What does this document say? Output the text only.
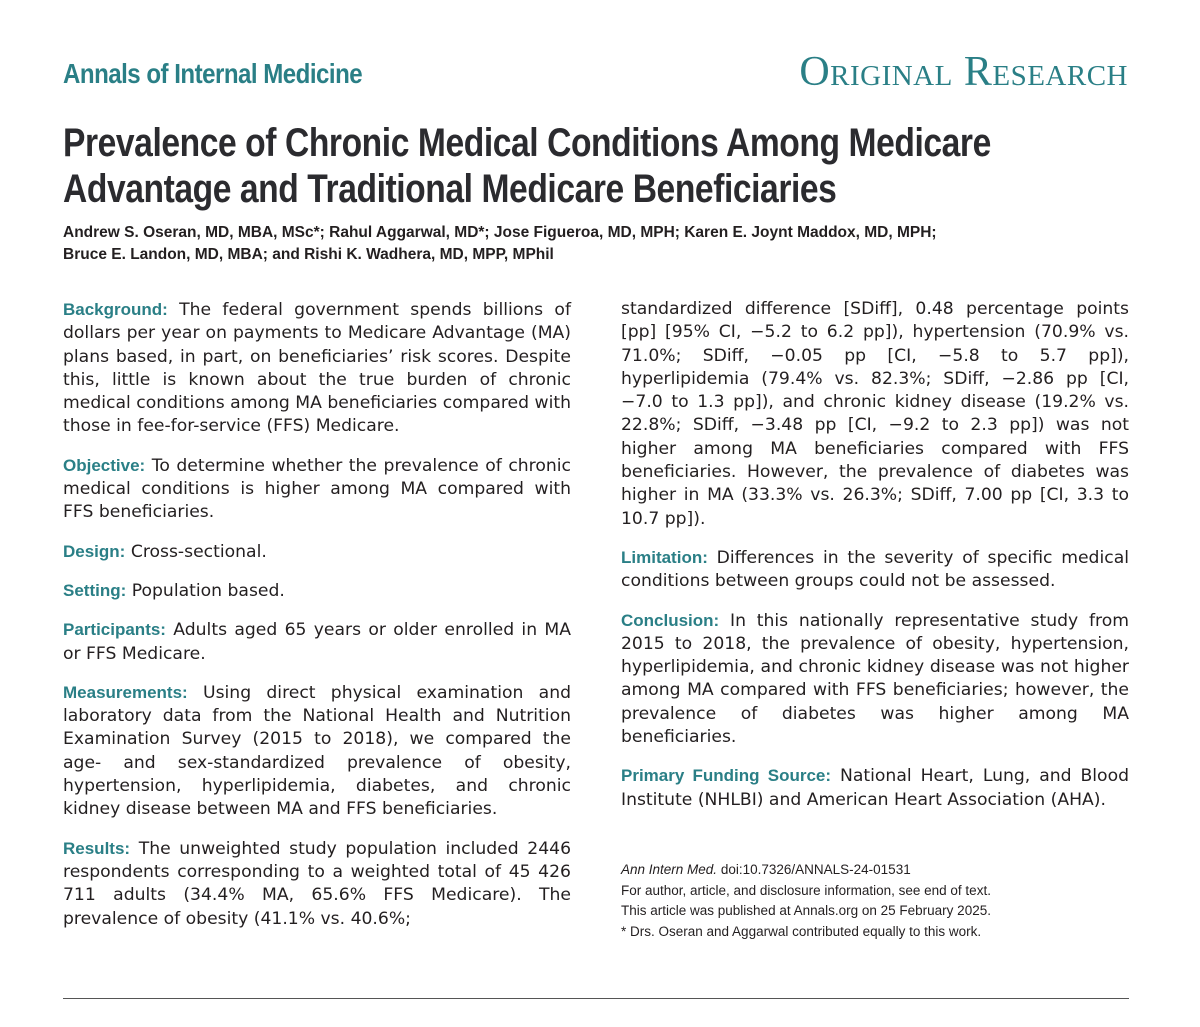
Annals of Internal Medicine	Original Research
Prevalence of Chronic Medical Conditions Among Medicare
Advantage and Traditional Medicare Beneficiaries
Andrew S. Oseran, MD, MBA, MSc*; Rahul Aggarwal, MD*; Jose Figueroa, MD, MPH; Karen E. Joynt Maddox, MD, MPH;
Bruce E. Landon, MD, MBA; and Rishi K. Wadhera, MD, MPP, MPhil

Background: The federal government spends billions of dollars per year on payments to Medicare Advantage (MA) plans based, in part, on beneficiaries’ risk scores. Despite this, little is known about the true burden of chronic medical conditions among MA beneficiaries compared with those in fee-for-service (FFS) Medicare.

Objective: To determine whether the prevalence of chronic medical conditions is higher among MA compared with FFS beneficiaries.

Design: Cross-sectional.

Setting: Population based.

Participants: Adults aged 65 years or older enrolled in MA or FFS Medicare.

Measurements: Using direct physical examination and laboratory data from the National Health and Nutrition Examination Survey (2015 to 2018), we compared the age- and sex-standardized prevalence of obesity, hypertension, hyperlipidemia, diabetes, and chronic kidney disease between MA and FFS beneficiaries.

Results: The unweighted study population included 2446 respondents corresponding to a weighted total of 45 426 711 adults (34.4% MA, 65.6% FFS Medicare). The prevalence of obesity (41.1% vs. 40.6%;

standardized difference [SDiff], 0.48 percentage points [pp] [95% CI, −5.2 to 6.2 pp]), hypertension (70.9% vs. 71.0%; SDiff, −0.05 pp [CI, −5.8 to 5.7 pp]), hyperlipidemia (79.4% vs. 82.3%; SDiff, −2.86 pp [CI, −7.0 to 1.3 pp]), and chronic kidney disease (19.2% vs. 22.8%; SDiff, −3.48 pp [CI, −9.2 to 2.3 pp]) was not higher among MA beneficiaries compared with FFS beneficiaries. However, the prevalence of diabetes was higher in MA (33.3% vs. 26.3%; SDiff, 7.00 pp [CI, 3.3 to 10.7 pp]).

Limitation: Differences in the severity of specific medical conditions between groups could not be assessed.

Conclusion: In this nationally representative study from 2015 to 2018, the prevalence of obesity, hypertension, hyperlipidemia, and chronic kidney disease was not higher among MA compared with FFS beneficiaries; however, the prevalence of diabetes was higher among MA beneficiaries.

Primary Funding Source: National Heart, Lung, and Blood Institute (NHLBI) and American Heart Association (AHA).

Ann Intern Med. doi:10.7326/ANNALS-24-01531
For author, article, and disclosure information, see end of text.
This article was published at Annals.org on 25 February 2025.
* Drs. Oseran and Aggarwal contributed equally to this work.
